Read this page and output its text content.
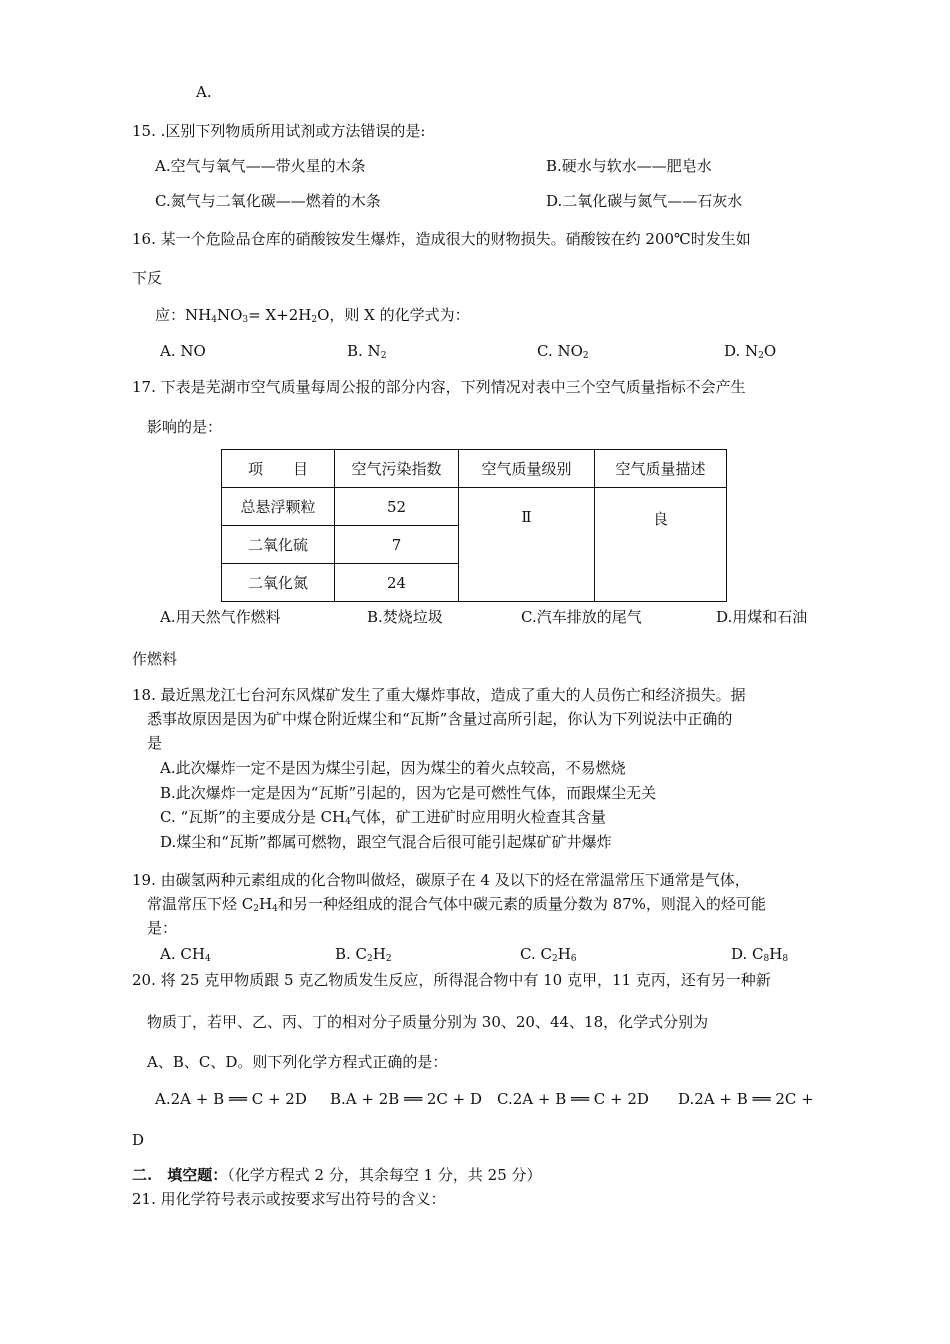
A.
15. .区别下列物质所用试剂或方法错误的是:
A.空气与氧气——带火星的木条	B.硬水与软水——肥皂水
C.氮气与二氧化碳——燃着的木条	D.二氧化碳与氮气——石灰水
16. 某一个危险品仓库的硝酸铵发生爆炸，造成很大的财物损失。硝酸铵在约 200℃时发生如
下反
应：$NH_4NO_3= X+2H_2O$，则 X 的化学式为：
A. NO	B. $N_2$	C. $NO_2$	D. $N_2O$
17. 下表是芜湖市空气质量每周公报的部分内容，下列情况对表中三个空气质量指标不会产生
影响的是：
项　　目	空气污染指数	空气质量级别	空气质量描述
总悬浮颗粒	52	Ⅱ	良
二氧化硫	7		
二氧化氮	24		
A.用天然气作燃料	B.焚烧垃圾	C.汽车排放的尾气	D.用煤和石油
作燃料
18. 最近黑龙江七台河东风煤矿发生了重大爆炸事故，造成了重大的人员伤亡和经济损失。据
悉事故原因是因为矿中煤仓附近煤尘和“瓦斯”含量过高所引起，你认为下列说法中正确的
是
A.此次爆炸一定不是因为煤尘引起，因为煤尘的着火点较高，不易燃烧
B.此次爆炸一定是因为“瓦斯”引起的，因为它是可燃性气体，而跟煤尘无关
C. “瓦斯”的主要成分是 $CH_4$气体，矿工进矿时应用明火检查其含量
D.煤尘和“瓦斯”都属可燃物，跟空气混合后很可能引起煤矿矿井爆炸
19. 由碳氢两种元素组成的化合物叫做烃，碳原子在 4 及以下的烃在常温常压下通常是气体，
常温常压下烃 $C_2H_4$和另一种烃组成的混合气体中碳元素的质量分数为 87%，则混入的烃可能
是：
A. $CH_4$	B. $C_2H_2$	C. $C_2H_6$	D. $C_8H_8$
20. 将 25 克甲物质跟 5 克乙物质发生反应，所得混合物中有 10 克甲，11 克丙，还有另一种新
物质丁，若甲、乙、丙、丁的相对分子质量分别为 30、20、44、18，化学式分别为
A、B、C、D。则下列化学方程式正确的是：
A.2A + B ══ C + 2D B.A + 2B ══ 2C + D C.2A + B ══ C + 2D D.2A + B ══ 2C +
D
二.　填空题：（化学方程式 2 分，其余每空 1 分，共 25 分）
21. 用化学符号表示或按要求写出符号的含义：
